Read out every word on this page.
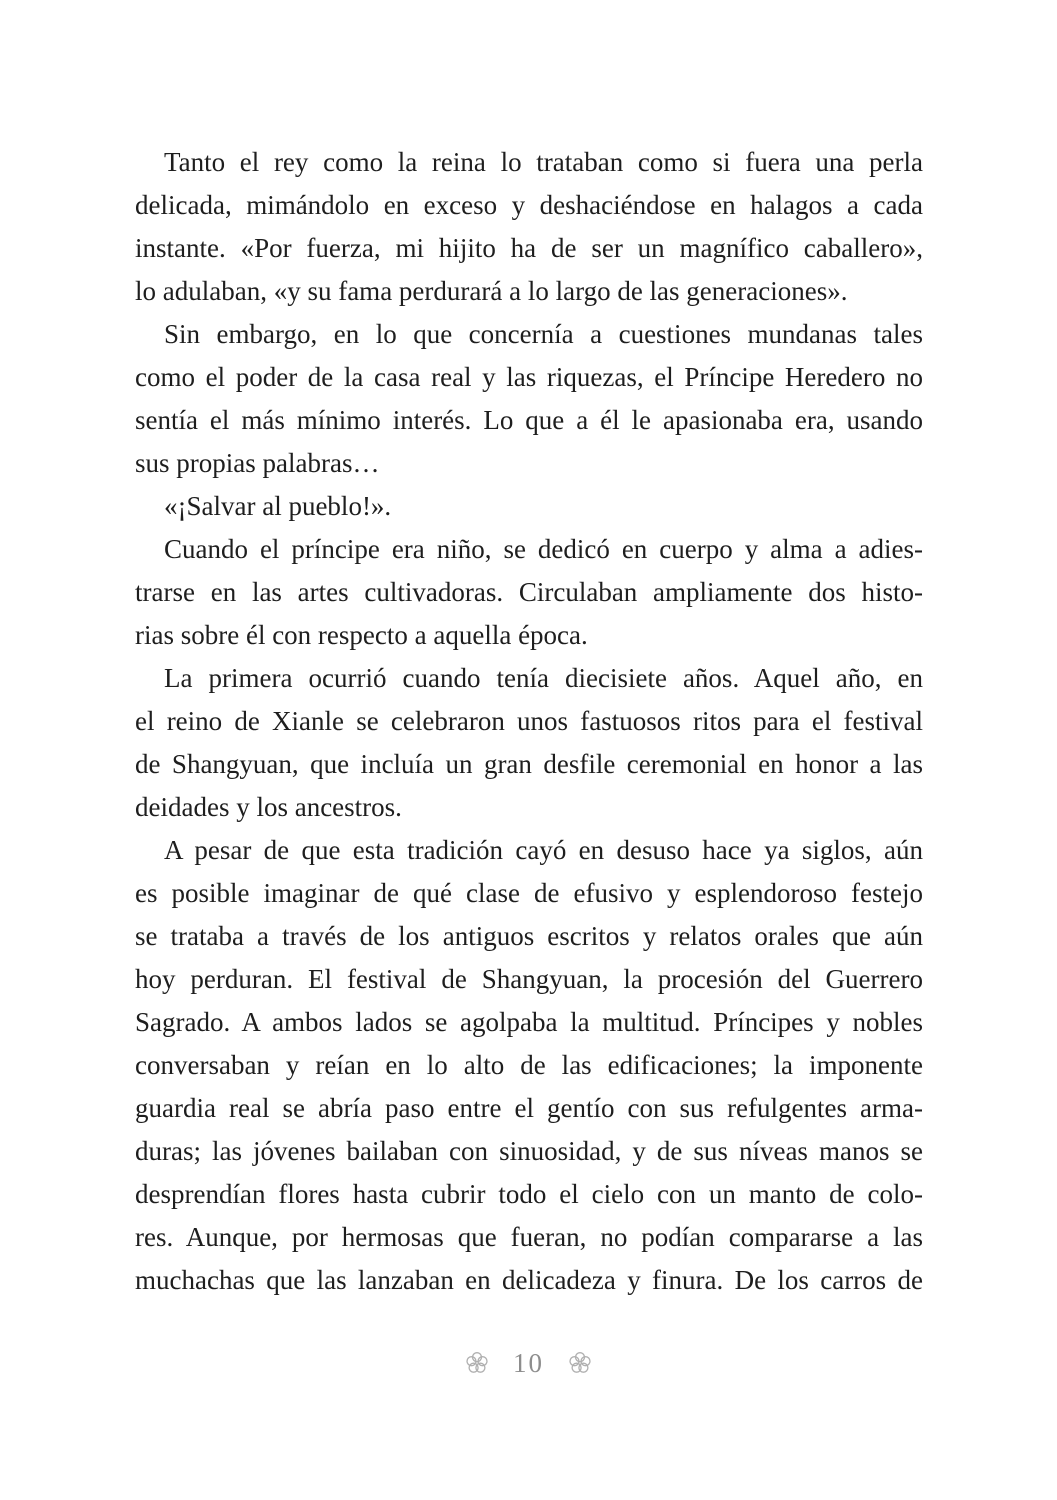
Tanto el rey como la reina lo trataban como si fuera una perla
delicada, mimándolo en exceso y deshaciéndose en halagos a cada
instante. «Por fuerza, mi hijito ha de ser un magnífico caballero»,
lo adulaban, «y su fama perdurará a lo largo de las generaciones».
Sin embargo, en lo que concernía a cuestiones mundanas tales
como el poder de la casa real y las riquezas, el Príncipe Heredero no
sentía el más mínimo interés. Lo que a él le apasionaba era, usando
sus propias palabras…
«¡Salvar al pueblo!».
Cuando el príncipe era niño, se dedicó en cuerpo y alma a adies-
trarse en las artes cultivadoras. Circulaban ampliamente dos histo-
rias sobre él con respecto a aquella época.
La primera ocurrió cuando tenía diecisiete años. Aquel año, en
el reino de Xianle se celebraron unos fastuosos ritos para el festival
de Shangyuan, que incluía un gran desfile ceremonial en honor a las
deidades y los ancestros.
A pesar de que esta tradición cayó en desuso hace ya siglos, aún
es posible imaginar de qué clase de efusivo y esplendoroso festejo
se trataba a través de los antiguos escritos y relatos orales que aún
hoy perduran. El festival de Shangyuan, la procesión del Guerrero
Sagrado. A ambos lados se agolpaba la multitud. Príncipes y nobles
conversaban y reían en lo alto de las edificaciones; la imponente
guardia real se abría paso entre el gentío con sus refulgentes arma-
duras; las jóvenes bailaban con sinuosidad, y de sus níveas manos se
desprendían flores hasta cubrir todo el cielo con un manto de colo-
res. Aunque, por hermosas que fueran, no podían compararse a las
muchachas que las lanzaban en delicadeza y finura. De los carros de
10
